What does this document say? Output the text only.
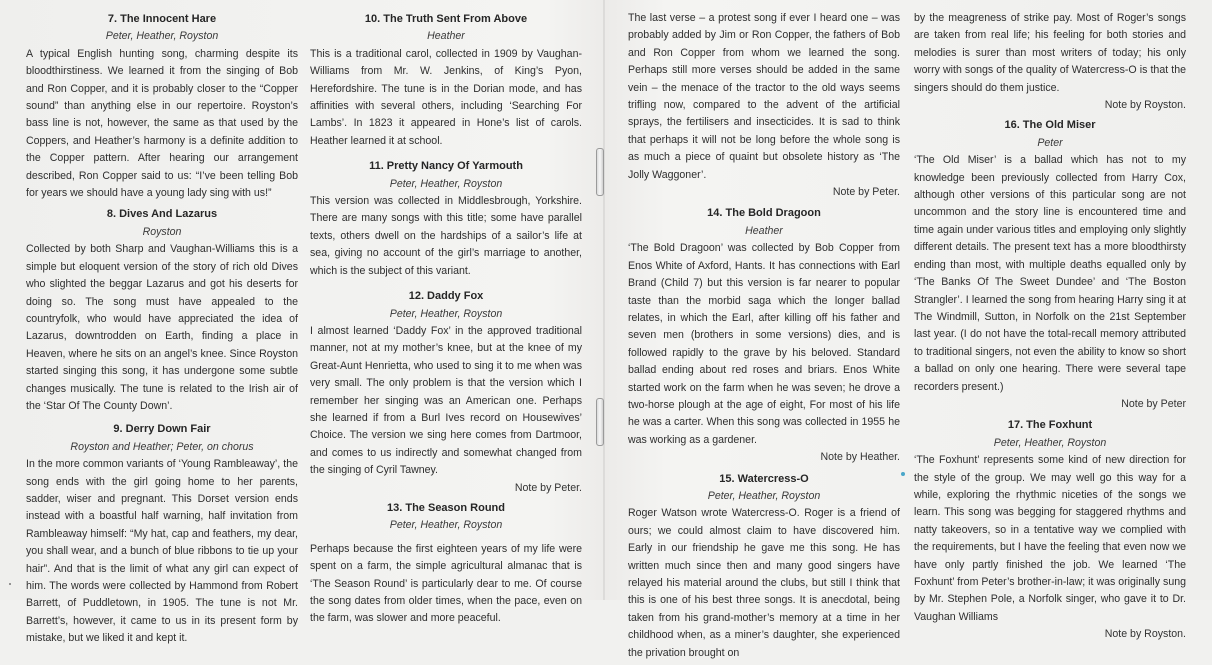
7. The Innocent Hare
Peter, Heather, Royston
A typical English hunting song, charming despite its bloodthirstiness. We learned it from the singing of Bob and Ron Copper, and it is probably closer to the “Copper sound” than anything else in our repertoire. Royston’s bass line is not, however, the same as that used by the Coppers, and Heather’s harmony is a definite addition to the Copper pattern. After hearing our arrangement described, Ron Copper said to us: “I’ve been telling Bob for years we should have a young lady sing with us!”
8. Dives And Lazarus
Royston
Collected by both Sharp and Vaughan-Williams this is a simple but eloquent version of the story of rich old Dives who slighted the beggar Lazarus and got his deserts for doing so. The song must have appealed to the countryfolk, who would have appreciated the idea of Lazarus, downtrodden on Earth, finding a place in Heaven, where he sits on an angel’s knee. Since Royston started singing this song, it has undergone some subtle changes musically. The tune is related to the Irish air of the ‘Star Of The County Down’.
9. Derry Down Fair
Royston and Heather; Peter, on chorus
In the more common variants of ‘Young Rambleaway’, the song ends with the girl going home to her parents, sadder, wiser and pregnant. This Dorset version ends instead with a boastful half warning, half invitation from Rambleaway himself: “My hat, cap and feathers, my dear, you shall wear, and a bunch of blue ribbons to tie up your hair”. And that is the limit of what any girl can expect of him. The words were collected by Hammond from Robert Barrett, of Puddletown, in 1905. The tune is not Mr. Barrett’s, however, it came to us in its present form by mistake, but we liked it and kept it.
10. The Truth Sent From Above
Heather
This is a traditional carol, collected in 1909 by Vaughan-Williams from Mr. W. Jenkins, of King’s Pyon, Herefordshire. The tune is in the Dorian mode, and has affinities with several others, including ‘Searching For Lambs’. In 1823 it appeared in Hone’s list of carols. Heather learned it at school.
11. Pretty Nancy Of Yarmouth
Peter, Heather, Royston
This version was collected in Middlesbrough, Yorkshire. There are many songs with this title; some have parallel texts, others dwell on the hardships of a sailor’s life at sea, giving no account of the girl’s marriage to another, which is the subject of this variant.
12. Daddy Fox
Peter, Heather, Royston
I almost learned ‘Daddy Fox’ in the approved traditional manner, not at my mother’s knee, but at the knee of my Great-Aunt Henrietta, who used to sing it to me when was very small. The only problem is that the version which I remember her singing was an American one. Perhaps she learned if from a Burl Ives record on Housewives’ Choice. The version we sing here comes from Dartmoor, and comes to us indirectly and somewhat changed from the singing of Cyril Tawney.
Note by Peter.
13. The Season Round
Peter, Heather, Royston
Perhaps because the first eighteen years of my life were spent on a farm, the simple agricultural almanac that is ‘The Season Round’ is particularly dear to me. Of course the song dates from older times, when the pace, even on the farm, was slower and more peaceful.
The last verse – a protest song if ever I heard one – was probably added by Jim or Ron Copper, the fathers of Bob and Ron Copper from whom we learned the song. Perhaps still more verses should be added in the same vein – the menace of the tractor to the old ways seems trifling now, compared to the advent of the artificial sprays, the fertilisers and insecticides. It is sad to think that perhaps it will not be long before the whole song is as much a piece of quaint but obsolete history as ‘The Jolly Waggoner’.
Note by Peter.
14. The Bold Dragoon
Heather
‘The Bold Dragoon’ was collected by Bob Copper from Enos White of Axford, Hants. It has connections with Earl Brand (Child 7) but this version is far nearer to popular taste than the morbid saga which the longer ballad relates, in which the Earl, after killing off his father and seven men (brothers in some versions) dies, and is followed rapidly to the grave by his beloved. Standard ballad ending about red roses and briars. Enos White started work on the farm when he was seven; he drove a two-horse plough at the age of eight, For most of his life he was a carter. When this song was collected in 1955 he was working as a gardener.
Note by Heather.
15. Watercress-O
Peter, Heather, Royston
Roger Watson wrote Watercress-O. Roger is a friend of ours; we could almost claim to have discovered him. Early in our friendship he gave me this song. He has written much since then and many good singers have relayed his material around the clubs, but still I think that this is one of his best three songs. It is anecdotal, being taken from his grand-mother’s memory at a time in her childhood when, as a miner’s daughter, she experienced the privation brought on
by the meagreness of strike pay. Most of Roger’s songs are taken from real life; his feeling for both stories and melodies is surer than most writers of today; his only worry with songs of the quality of Watercress-O is that the singers should do them justice.
Note by Royston.
16. The Old Miser
Peter
‘The Old Miser’ is a ballad which has not to my knowledge been previously collected from Harry Cox, although other versions of this particular song are not uncommon and the story line is encountered time and time again under various titles and employing only slightly different details. The present text has a more bloodthirsty ending than most, with multiple deaths equalled only by ‘The Banks Of The Sweet Dundee’ and ‘The Boston Strangler’. I learned the song from hearing Harry sing it at The Windmill, Sutton, in Norfolk on the 21st September last year. (I do not have the total-recall memory attributed to traditional singers, not even the ability to know so short a ballad on only one hearing. There were several tape recorders present.)
Note by Peter
17. The Foxhunt
Peter, Heather, Royston
‘The Foxhunt’ represents some kind of new direction for the style of the group. We may well go this way for a while, exploring the rhythmic niceties of the songs we learn. This song was begging for staggered rhythms and natty takeovers, so in a tentative way we complied with the requirements, but I have the feeling that even now we have only partly finished the job. We learned ‘The Foxhunt’ from Peter’s brother-in-law; it was originally sung by Mr. Stephen Pole, a Norfolk singer, who gave it to Dr. Vaughan Williams
Note by Royston.
